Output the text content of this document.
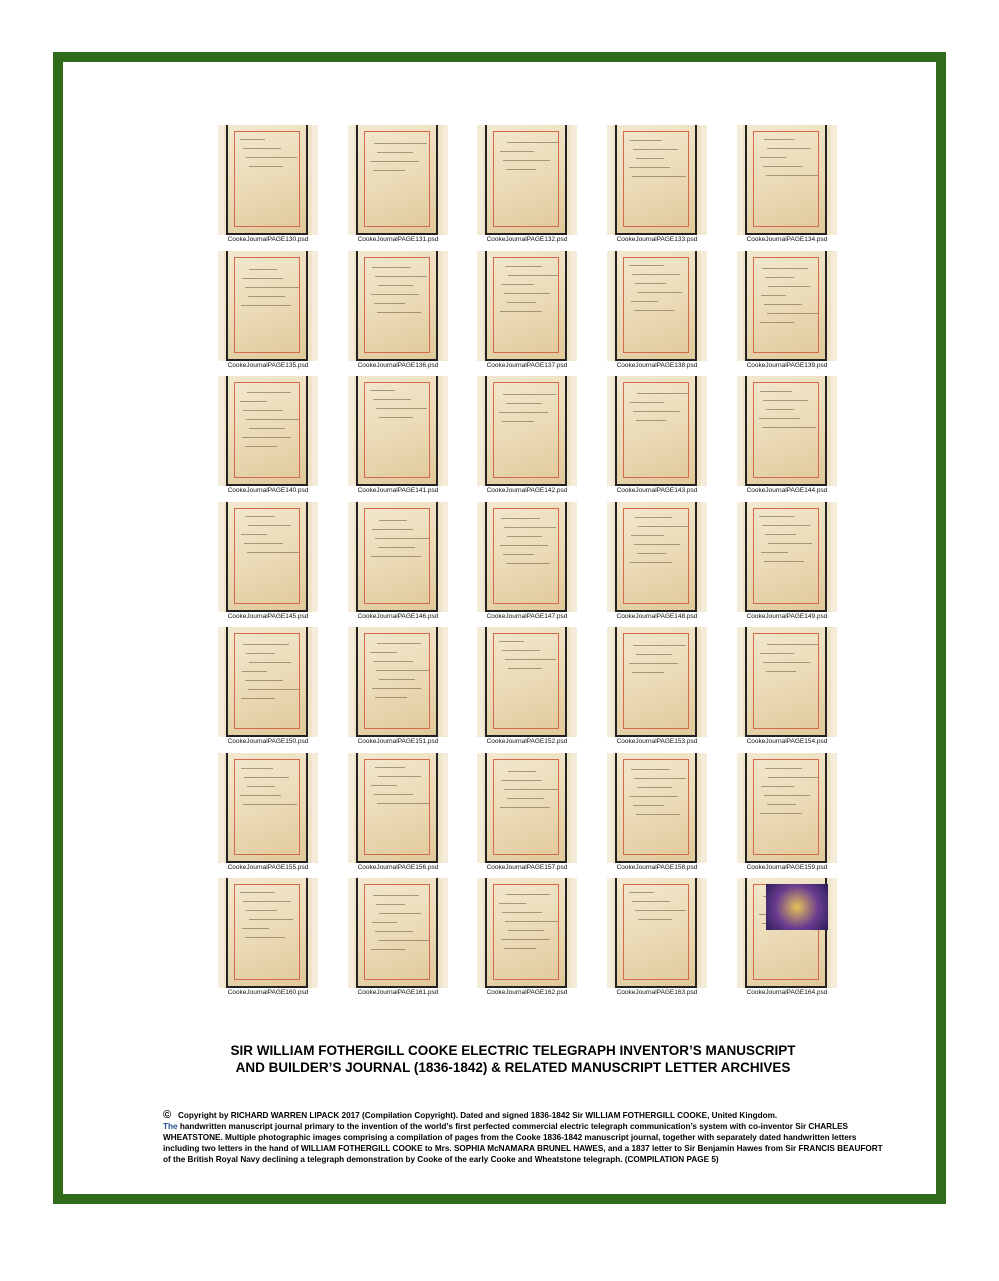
CookeJournalPAGE130.psd	CookeJournalPAGE131.psd	CookeJournalPAGE132.psd	CookeJournalPAGE133.psd	CookeJournalPAGE134.psd
CookeJournalPAGE135.psd	CookeJournalPAGE136.psd	CookeJournalPAGE137.psd	CookeJournalPAGE138.psd	CookeJournalPAGE139.psd
CookeJournalPAGE140.psd	CookeJournalPAGE141.psd	CookeJournalPAGE142.psd	CookeJournalPAGE143.psd	CookeJournalPAGE144.psd
CookeJournalPAGE145.psd	CookeJournalPAGE146.psd	CookeJournalPAGE147.psd	CookeJournalPAGE148.psd	CookeJournalPAGE149.psd
CookeJournalPAGE150.psd	CookeJournalPAGE151.psd	CookeJournalPAGE152.psd	CookeJournalPAGE153.psd	CookeJournalPAGE154.psd
CookeJournalPAGE155.psd	CookeJournalPAGE156.psd	CookeJournalPAGE157.psd	CookeJournalPAGE158.psd	CookeJournalPAGE159.psd
CookeJournalPAGE160.psd	CookeJournalPAGE161.psd	CookeJournalPAGE162.psd	CookeJournalPAGE163.psd	CookeJournalPAGE164.psd
SIR WILLIAM FOTHERGILL COOKE ELECTRIC TELEGRAPH INVENTOR’S MANUSCRIPT
AND BUILDER’S JOURNAL (1836-1842) & RELATED MANUSCRIPT LETTER ARCHIVES
© Copyright by RICHARD WARREN LIPACK 2017 (Compilation Copyright). Dated and signed 1836-1842 Sir WILLIAM FOTHERGILL COOKE, United Kingdom.
The handwritten manuscript journal primary to the invention of the world’s first perfected commercial electric telegraph communication’s system with co-inventor Sir CHARLES WHEATSTONE. Multiple photographic images comprising a compilation of pages from the Cooke 1836-1842 manuscript journal, together with separately dated handwritten letters including two letters in the hand of WILLIAM FOTHERGILL COOKE to Mrs. SOPHIA McNAMARA BRUNEL HAWES, and a 1837 letter to Sir Benjamin Hawes from Sir FRANCIS BEAUFORT of the British Royal Navy declining a telegraph demonstration by Cooke of the early Cooke and Wheatstone telegraph. (COMPILATION PAGE 5)
